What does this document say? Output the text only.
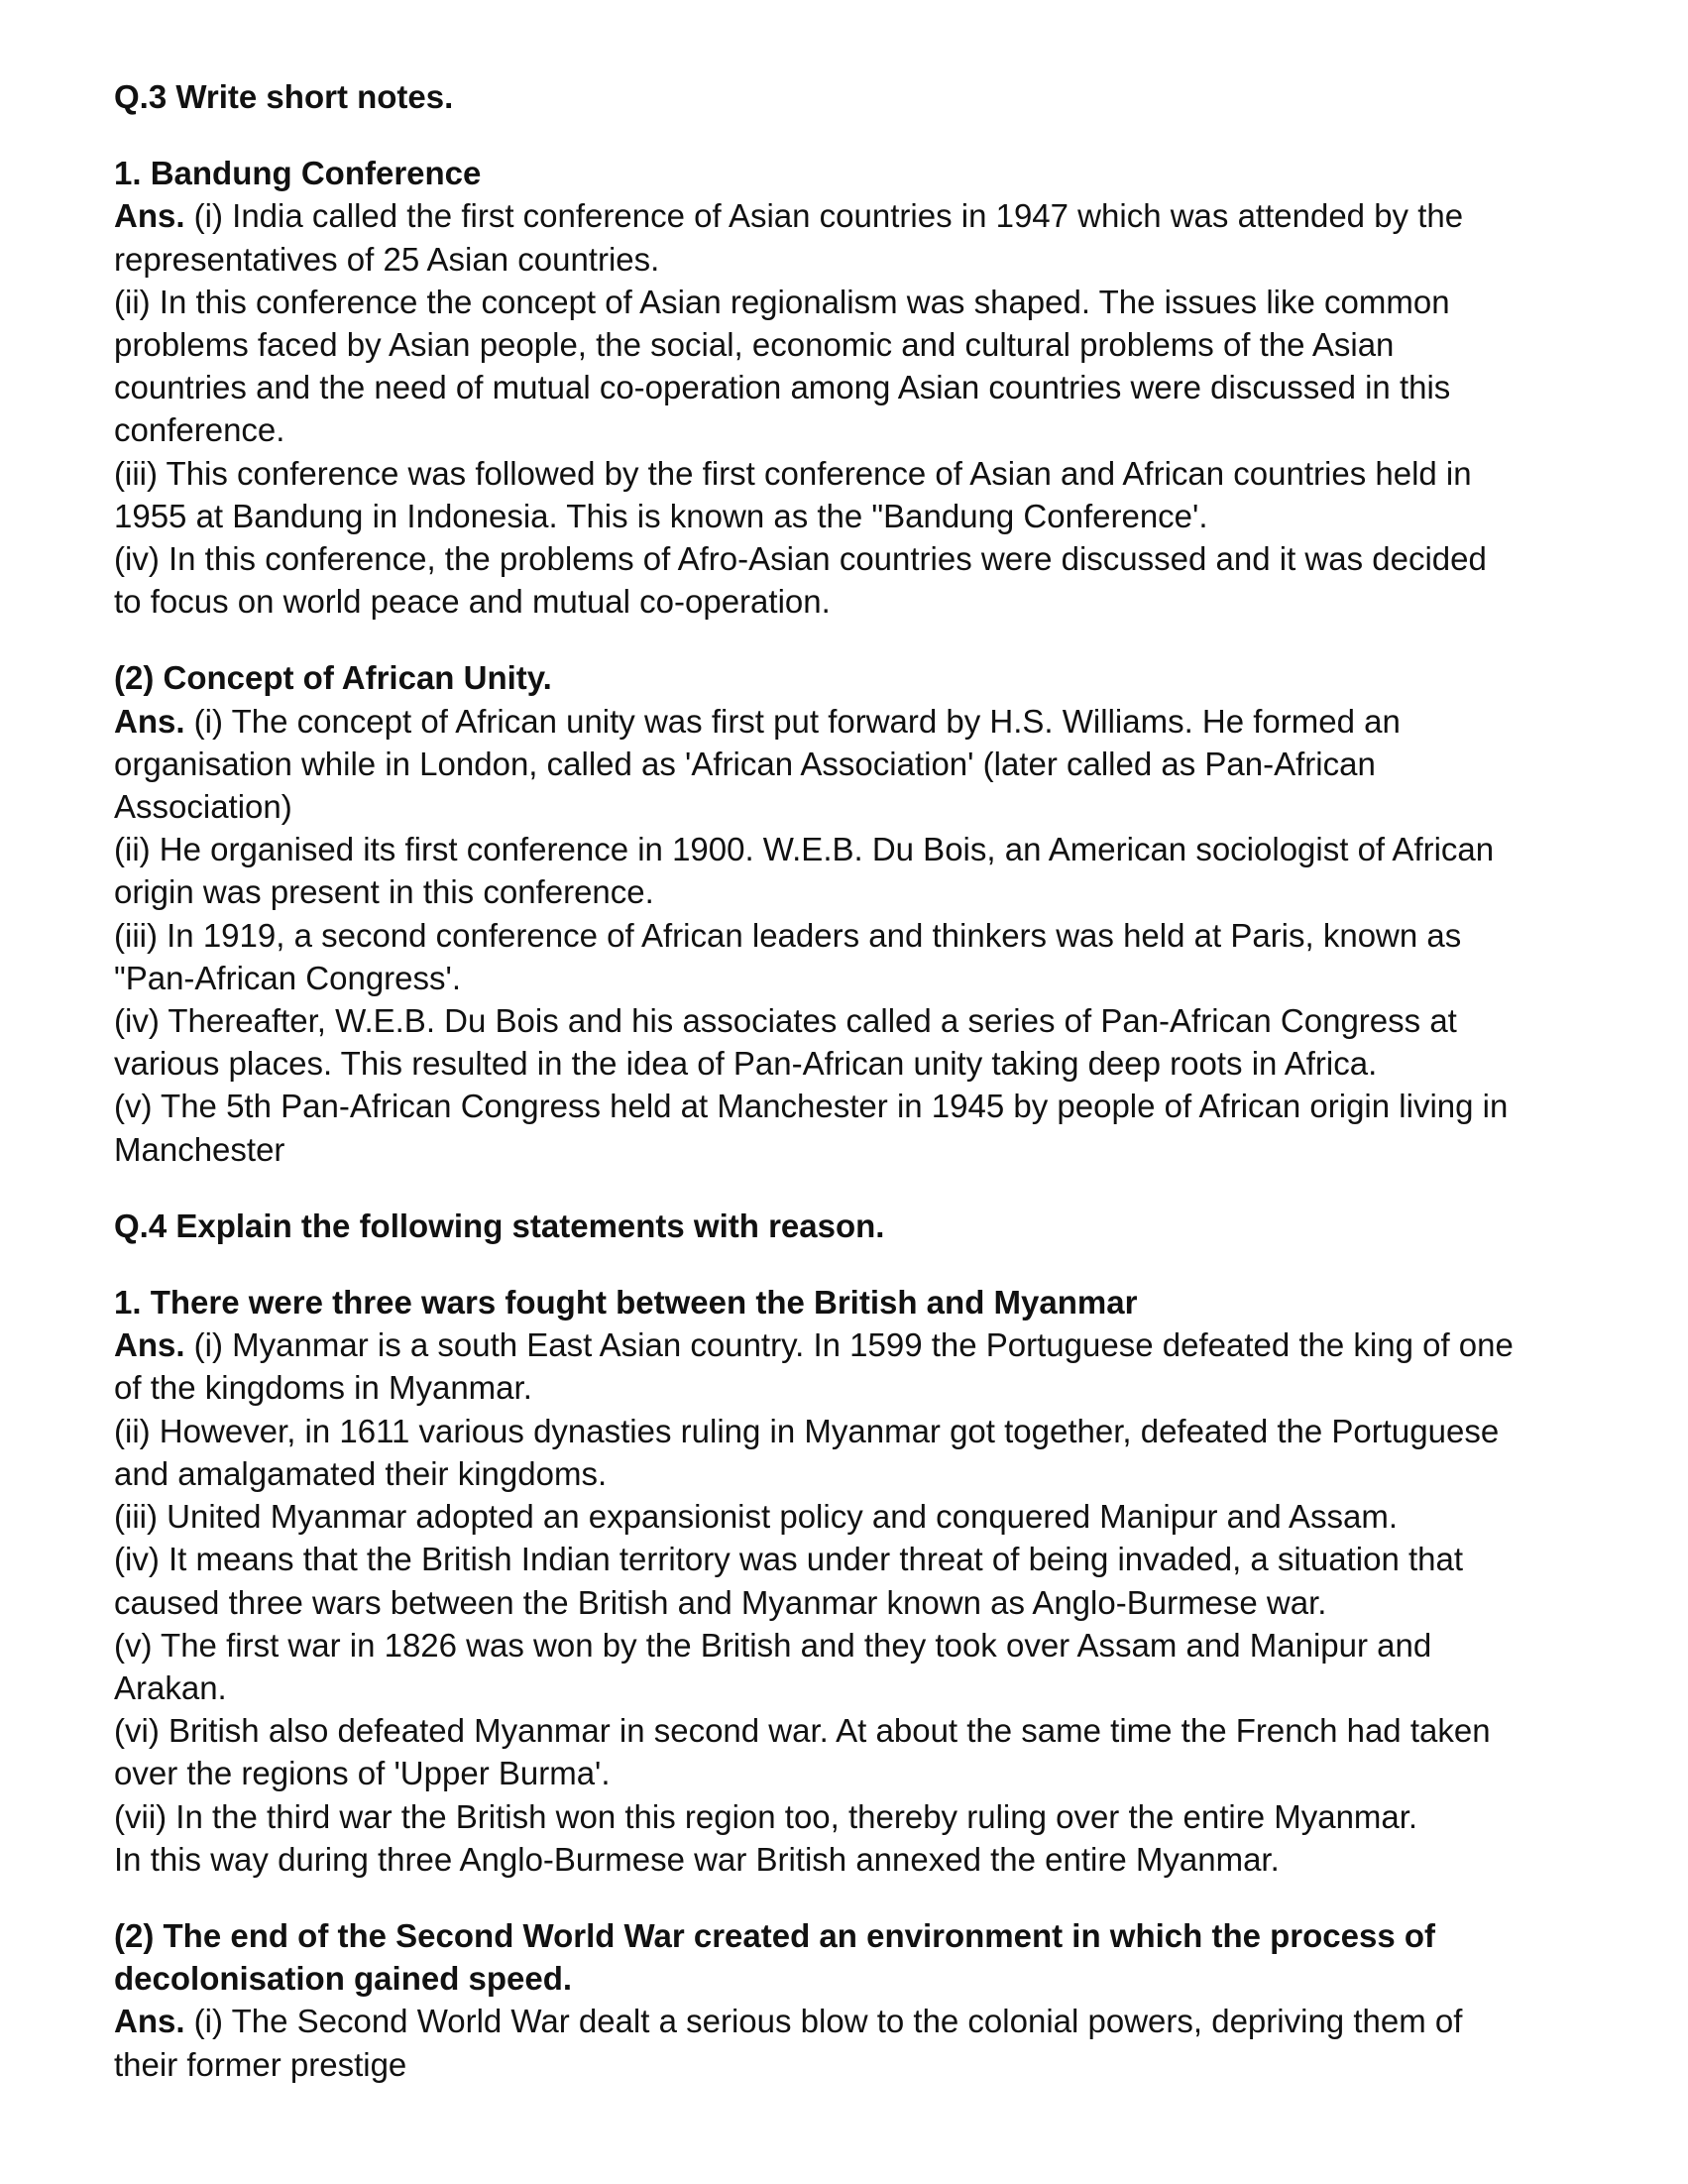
Q.3 Write short notes.

1. Bandung Conference

Ans. (i) India called the first conference of Asian countries in 1947 which was attended by the

representatives of 25 Asian countries.

(ii) In this conference the concept of Asian regionalism was shaped. The issues like common

problems faced by Asian people, the social, economic and cultural problems of the Asian

countries and the need of mutual co-operation among Asian countries were discussed in this

conference.

(iii) This conference was followed by the first conference of Asian and African countries held in

1955 at Bandung in Indonesia. This is known as the "Bandung Conference'.

(iv) In this conference, the problems of Afro-Asian countries were discussed and it was decided

to focus on world peace and mutual co-operation.

(2) Concept of African Unity.

Ans. (i) The concept of African unity was first put forward by H.S. Williams. He formed an

organisation while in London, called as 'African Association' (later called as Pan-African

Association)

(ii) He organised its first conference in 1900. W.E.B. Du Bois, an American sociologist of African

origin was present in this conference.

(iii) In 1919, a second conference of African leaders and thinkers was held at Paris, known as

"Pan-African Congress'.

(iv) Thereafter, W.E.B. Du Bois and his associates called a series of Pan-African Congress at

various places. This resulted in the idea of Pan-African unity taking deep roots in Africa.

(v) The 5th Pan-African Congress held at Manchester in 1945 by people of African origin living in

Manchester

Q.4 Explain the following statements with reason.

1. There were three wars fought between the British and Myanmar

Ans. (i) Myanmar is a south East Asian country. In 1599 the Portuguese defeated the king of one

of the kingdoms in Myanmar.

(ii) However, in 1611 various dynasties ruling in Myanmar got together, defeated the Portuguese

and amalgamated their kingdoms.

(iii) United Myanmar adopted an expansionist policy and conquered Manipur and Assam.

(iv) It means that the British Indian territory was under threat of being invaded, a situation that

caused three wars between the British and Myanmar known as Anglo-Burmese war.

(v) The first war in 1826 was won by the British and they took over Assam and Manipur and

Arakan.

(vi) British also defeated Myanmar in second war. At about the same time the French had taken

over the regions of 'Upper Burma'.

(vii) In the third war the British won this region too, thereby ruling over the entire Myanmar.

In this way during three Anglo-Burmese war British annexed the entire Myanmar.

(2) The end of the Second World War created an environment in which the process of

decolonisation gained speed.

Ans. (i) The Second World War dealt a serious blow to the colonial powers, depriving them of

their former prestige
